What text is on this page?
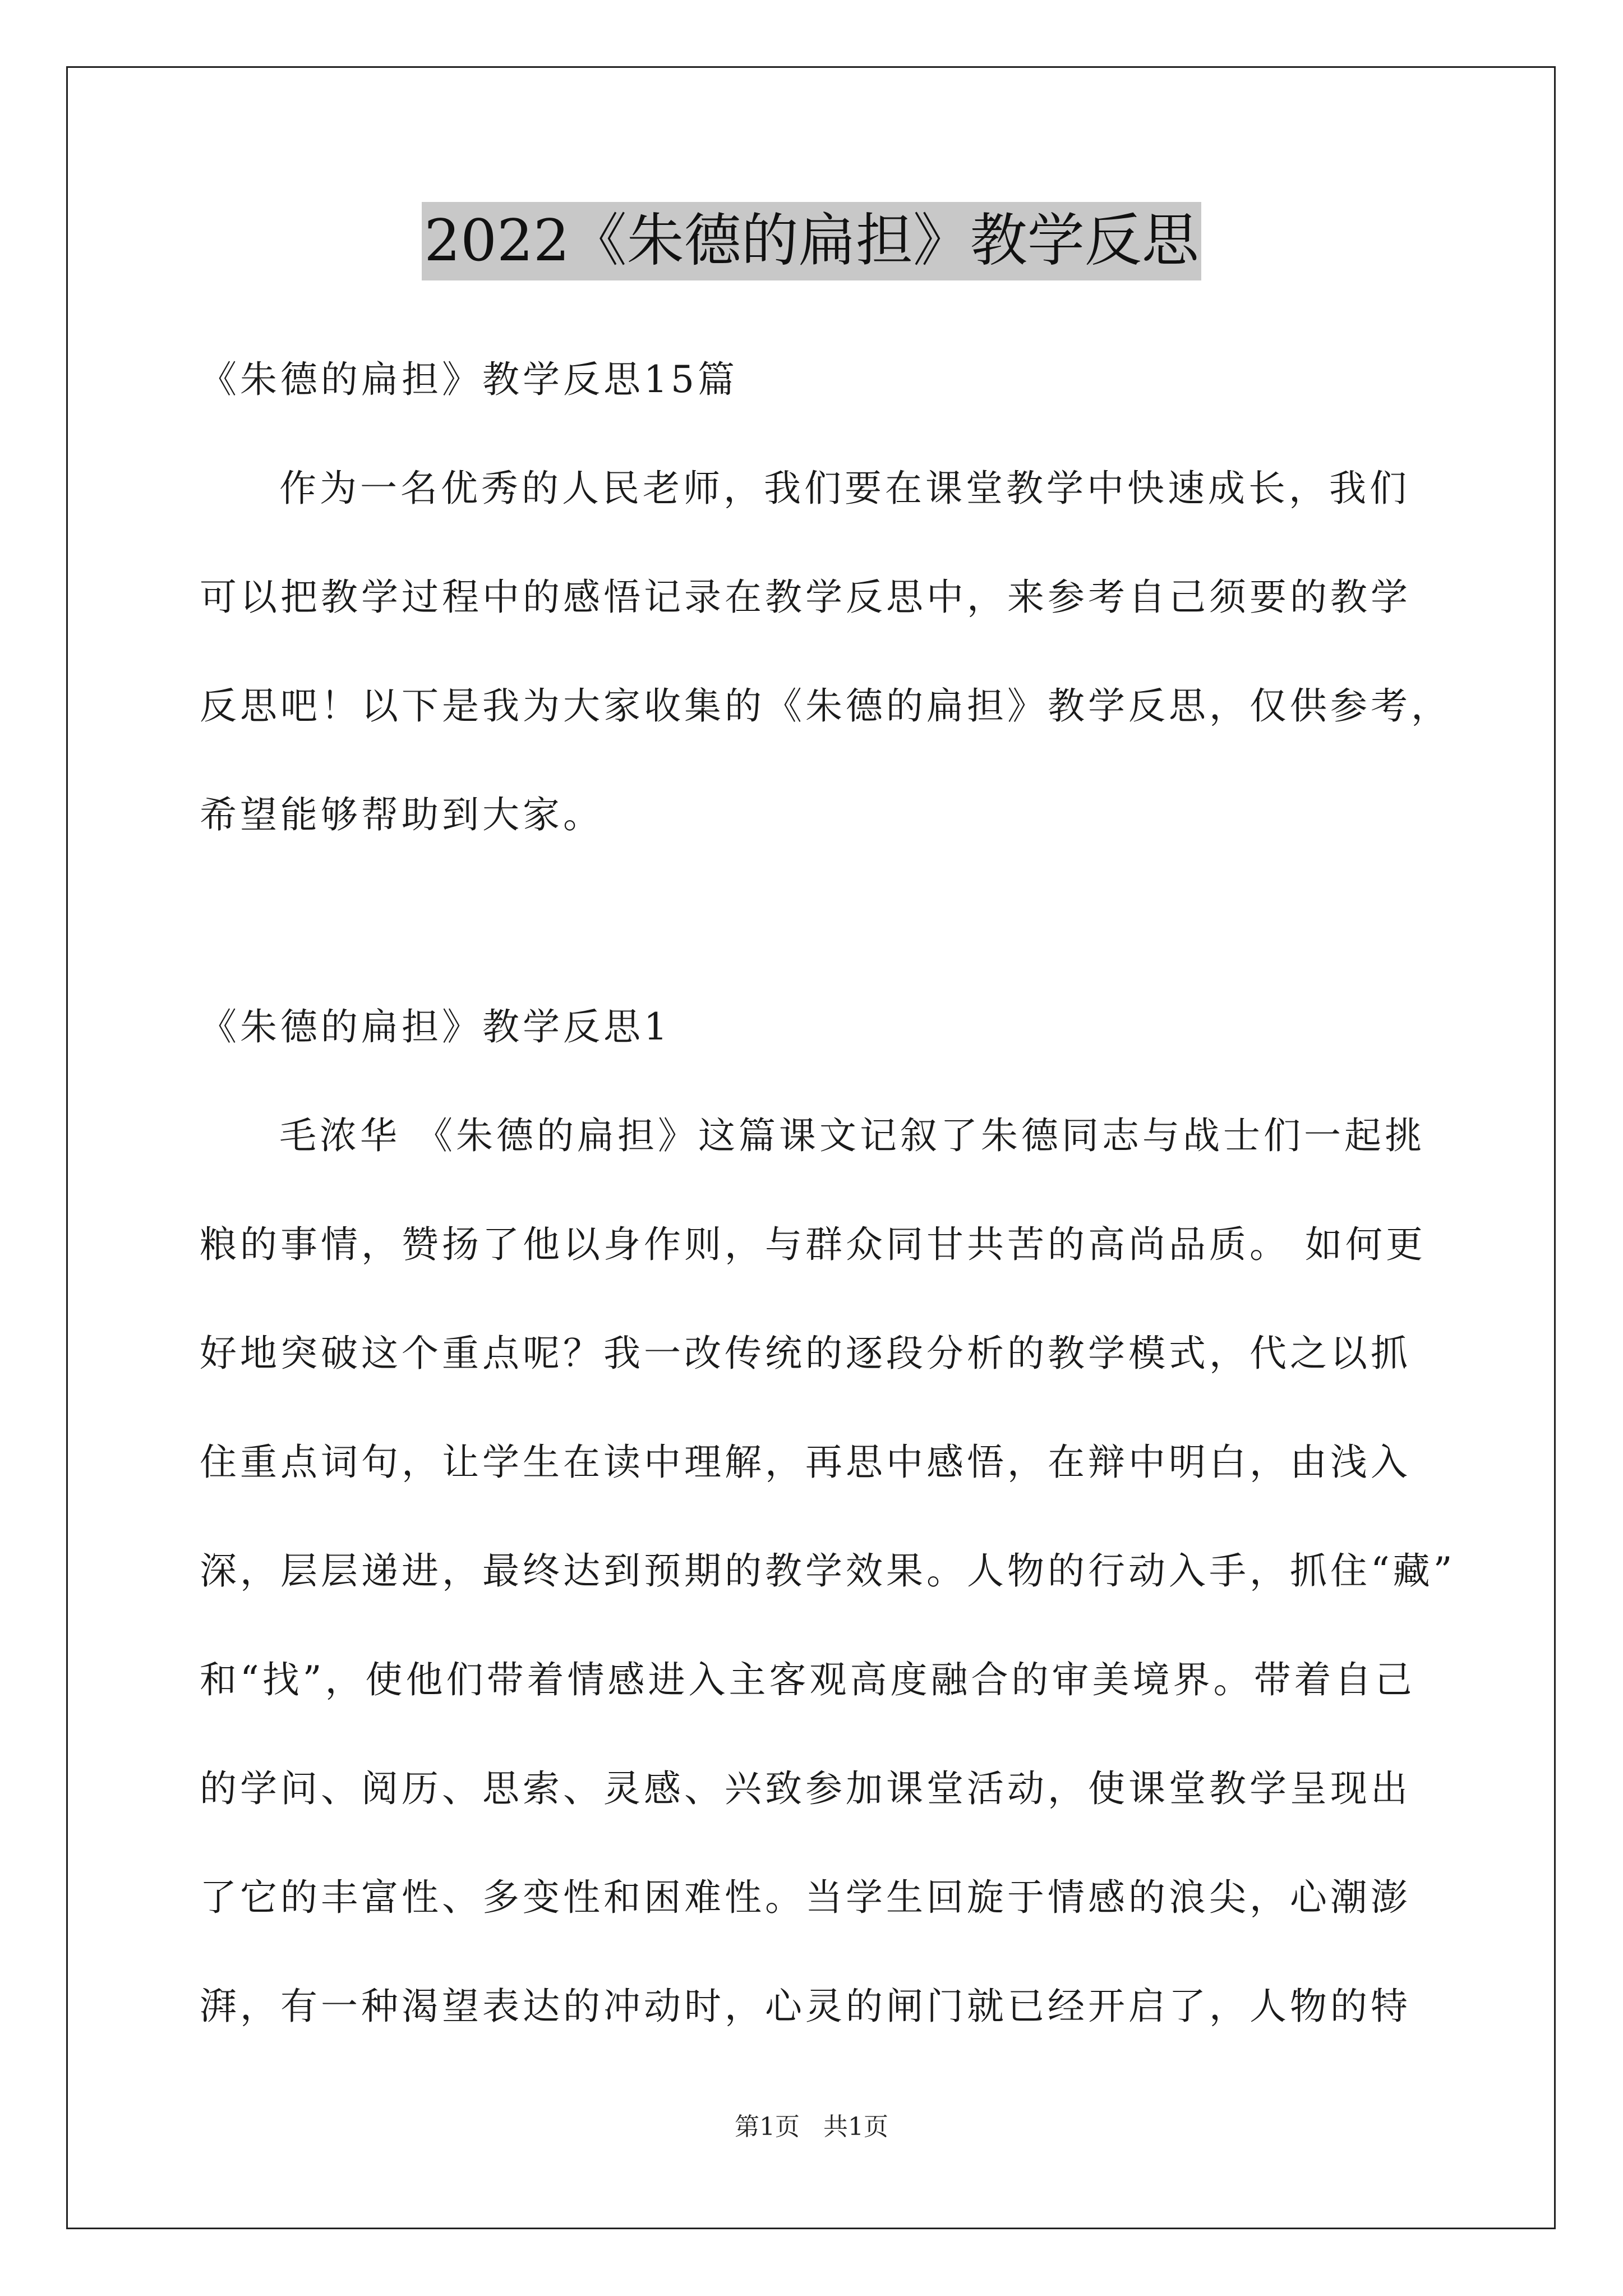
2022《朱德的扁担》教学反思
《朱德的扁担》教学反思15篇
作为一名优秀的人民老师，我们要在课堂教学中快速成长，我们
可以把教学过程中的感悟记录在教学反思中，来参考自己须要的教学
反思吧！以下是我为大家收集的《朱德的扁担》教学反思，仅供参考，
希望能够帮助到大家。
《朱德的扁担》教学反思1
毛浓华 《朱德的扁担》这篇课文记叙了朱德同志与战士们一起挑
粮的事情，赞扬了他以身作则，与群众同甘共苦的高尚品质。 如何更
好地突破这个重点呢？我一改传统的逐段分析的教学模式，代之以抓
住重点词句，让学生在读中理解，再思中感悟，在辩中明白，由浅入
深，层层递进，最终达到预期的教学效果。人物的行动入手，抓住“藏”
和“找”，使他们带着情感进入主客观高度融合的审美境界。带着自己
的学问、阅历、思索、灵感、兴致参加课堂活动，使课堂教学呈现出
了它的丰富性、多变性和困难性。当学生回旋于情感的浪尖，心潮澎
湃，有一种渴望表达的冲动时，心灵的闸门就已经开启了，人物的特
第1页   共1页
